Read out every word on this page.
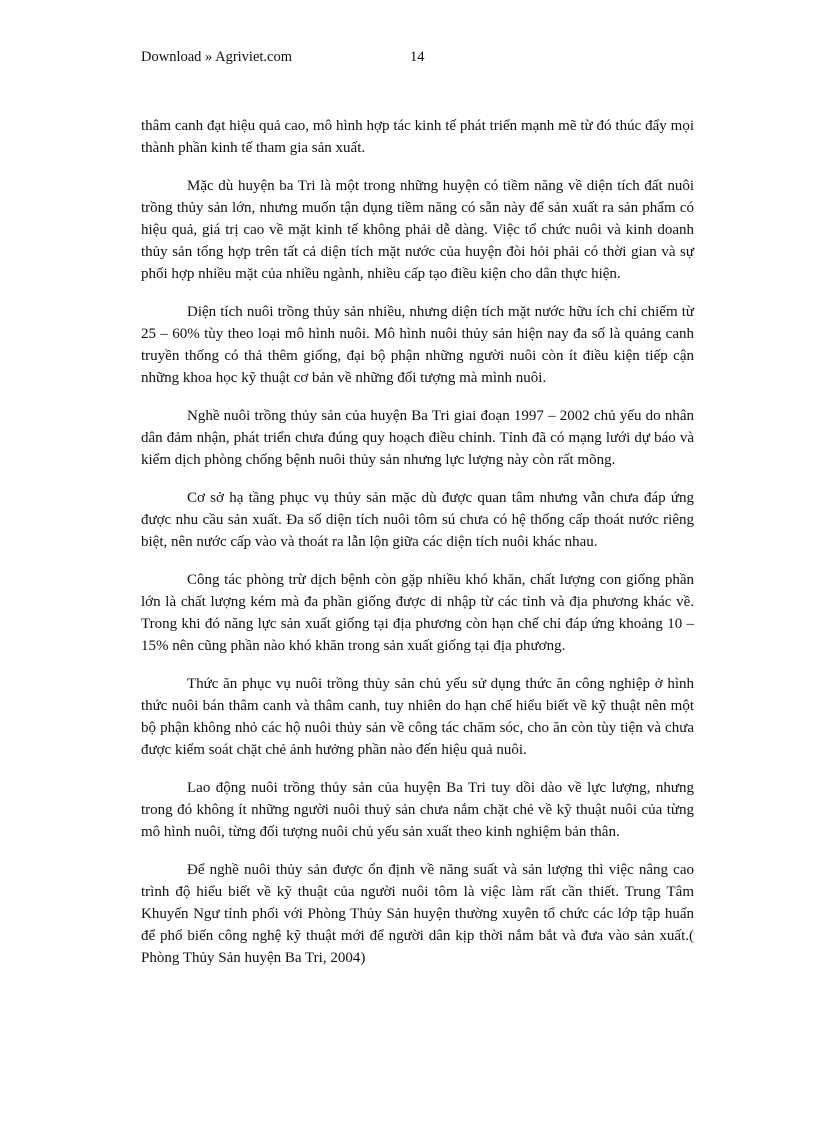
Download » Agriviet.com	14

thâm canh đạt hiệu quả cao, mô hình hợp tác kinh tế phát triển mạnh mẽ từ đó thúc đẩy mọi thành phần kinh tế tham gia sản xuất.

Mặc dù huyện ba Tri là một trong những huyện có tiềm năng về diện tích đất nuôi trồng thủy sản lớn, nhưng muốn tận dụng tiềm năng có sẵn này để sản xuất ra sản phẩm có hiệu quả, giá trị cao về mặt kinh tế không phải dễ dàng. Việc tổ chức nuôi và kinh doanh thủy sản tổng hợp trên tất cả diện tích mặt nước của huyện đòi hỏi phải có thời gian và sự phối hợp nhiều mặt của nhiều ngành, nhiều cấp tạo điều kiện cho dân thực hiện.

Diện tích nuôi trồng thủy sản nhiều, nhưng diện tích mặt nước hữu ích chỉ chiếm từ 25 – 60% tùy theo loại mô hình nuôi. Mô hình nuôi thủy sản hiện nay đa số là quảng canh truyền thống có thả thêm giống, đại bộ phận những người nuôi còn ít điều kiện tiếp cận những khoa học kỹ thuật cơ bản về những đối tượng mà mình nuôi.

Nghề nuôi trồng thủy sản của huyện Ba Tri giai đoạn 1997 – 2002 chủ yếu do nhân dân đảm nhận, phát triển chưa đúng quy hoạch điều chỉnh. Tỉnh đã có mạng lưới dự báo và kiểm dịch phòng chống bệnh nuôi thủy sản nhưng lực lượng này còn rất mõng.

Cơ sở hạ tầng phục vụ thủy sản mặc dù được quan tâm nhưng vẫn chưa đáp ứng được nhu cầu sản xuất. Đa số diện tích nuôi tôm sú chưa có hệ thống cấp thoát nước riêng biệt, nên nước cấp vào và thoát ra lẫn lộn giữa các diện tích nuôi khác nhau.

Công tác phòng trừ dịch bệnh còn gặp nhiều khó khăn, chất lượng con giống phần lớn là chất lượng kém mà đa phần giống được di nhập từ các tỉnh và địa phương khác về. Trong khi đó năng lực sản xuất giống tại địa phương còn hạn chế chỉ đáp ứng khoảng 10 – 15% nên cũng phần nào khó khăn trong sản xuất giống tại địa phương.

Thức ăn phục vụ nuôi trồng thủy sản chủ yếu sử dụng thức ăn công nghiệp ở hình thức nuôi bán thâm canh và thâm canh, tuy nhiên do hạn chế hiểu biết về kỹ thuật nên một bộ phận không nhỏ các hộ nuôi thủy sản về công tác chăm sóc, cho ăn còn tùy tiện và chưa được kiểm soát chặt chẻ ảnh hưởng phần nào đến hiệu quả nuôi.

Lao động nuôi trồng thủy sản của huyện Ba Tri tuy dồi dào về lực lượng, nhưng trong đó không ít những người nuôi thuỷ sản chưa nắm chặt chẻ về kỹ thuật nuôi của từng mô hình nuôi, từng đối tượng nuôi chủ yếu sản xuất theo kinh nghiệm bản thân.

Để nghề nuôi thủy sản được ổn định về năng suất và sản lượng thì việc nâng cao trình độ hiểu biết về kỹ thuật của người nuôi tôm là việc làm rất cần thiết. Trung Tâm Khuyến Ngư tỉnh phối với Phòng Thủy Sản huyện thường xuyên tổ chức các lớp tập huấn để phổ biến công nghệ kỹ thuật mới để người dân kịp thời nắm bắt và đưa vào sản xuất.( Phòng Thủy Sản huyện Ba Tri, 2004)
